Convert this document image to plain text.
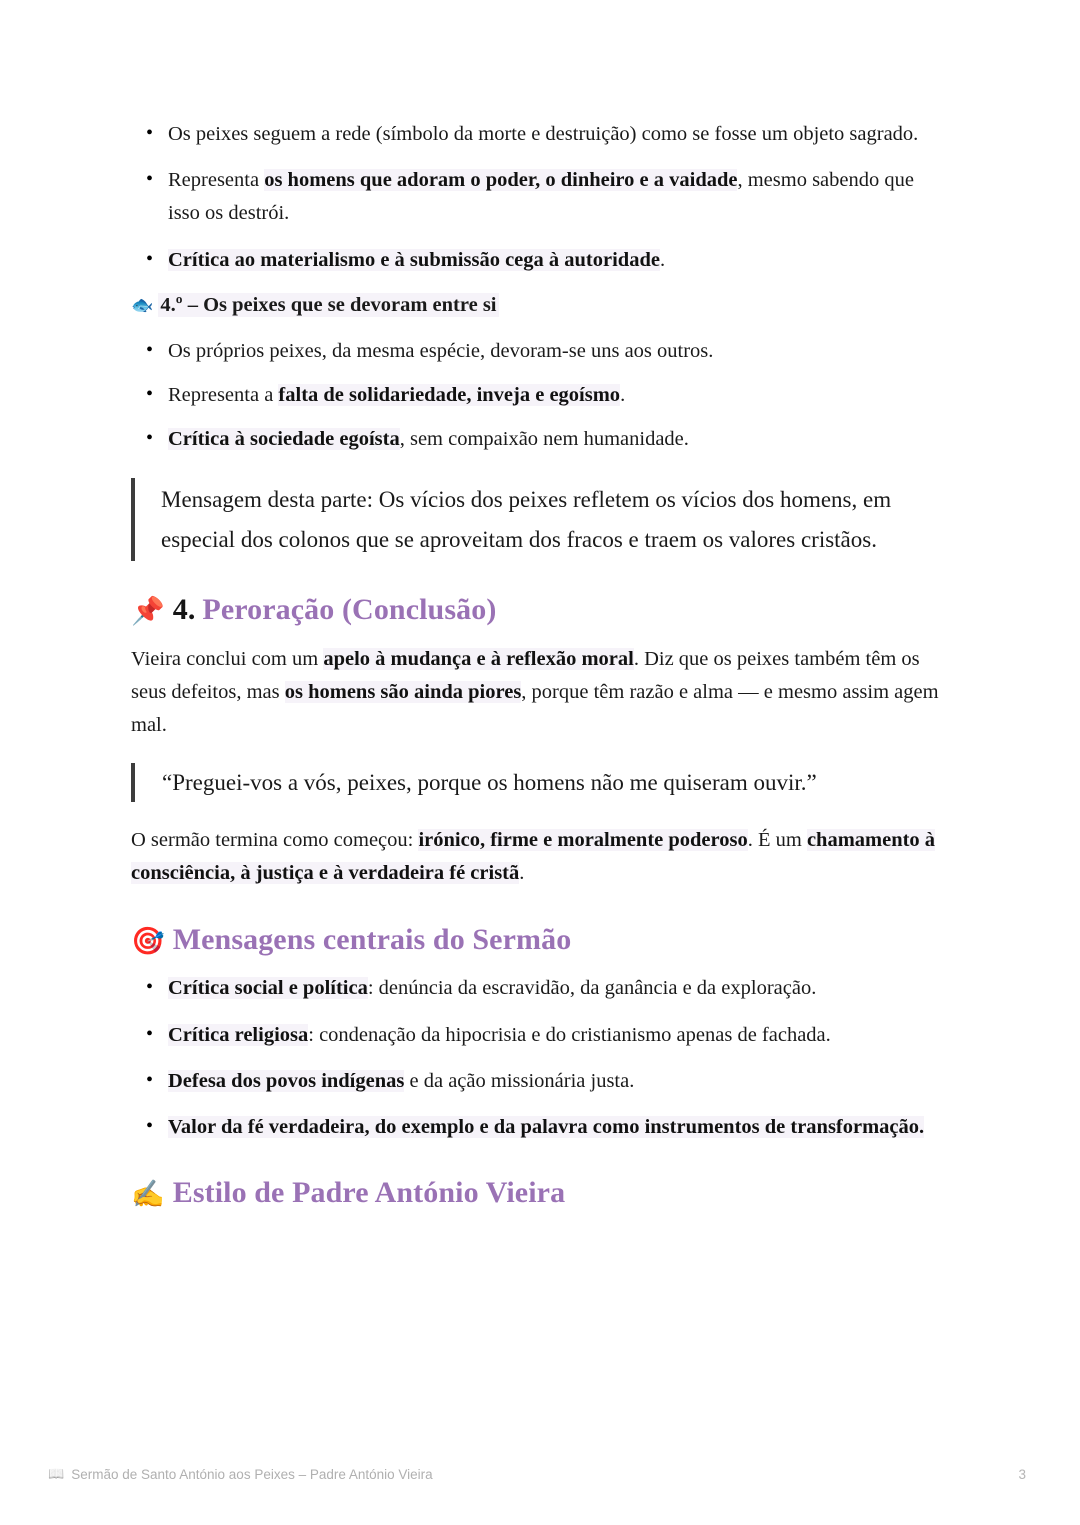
• Os peixes seguem a rede (símbolo da morte e destruição) como se fosse um objeto sagrado.
• Representa os homens que adoram o poder, o dinheiro e a vaidade, mesmo sabendo que isso os destrói.
• Crítica ao materialismo e à submissão cega à autoridade.
🐟 4.º – Os peixes que se devoram entre si
• Os próprios peixes, da mesma espécie, devoram-se uns aos outros.
• Representa a falta de solidariedade, inveja e egoísmo.
• Crítica à sociedade egoísta, sem compaixão nem humanidade.
Mensagem desta parte: Os vícios dos peixes refletem os vícios dos homens, em especial dos colonos que se aproveitam dos fracos e traem os valores cristãos.
📌 4. Peroração (Conclusão)

Vieira conclui com um apelo à mudança e à reflexão moral. Diz que os peixes também têm os seus defeitos, mas os homens são ainda piores, porque têm razão e alma — e mesmo assim agem mal.

“Preguei-vos a vós, peixes, porque os homens não me quiseram ouvir.”

O sermão termina como começou: irónico, firme e moralmente poderoso. É um chamamento à consciência, à justiça e à verdadeira fé cristã.

🎯 Mensagens centrais do Sermão
• Crítica social e política: denúncia da escravidão, da ganância e da exploração.
• Crítica religiosa: condenação da hipocrisia e do cristianismo apenas de fachada.
• Defesa dos povos indígenas e da ação missionária justa.
• Valor da fé verdadeira, do exemplo e da palavra como instrumentos de transformação.
✍️ Estilo de Padre António Vieira
📖 Sermão de Santo António aos Peixes – Padre António Vieira	3
